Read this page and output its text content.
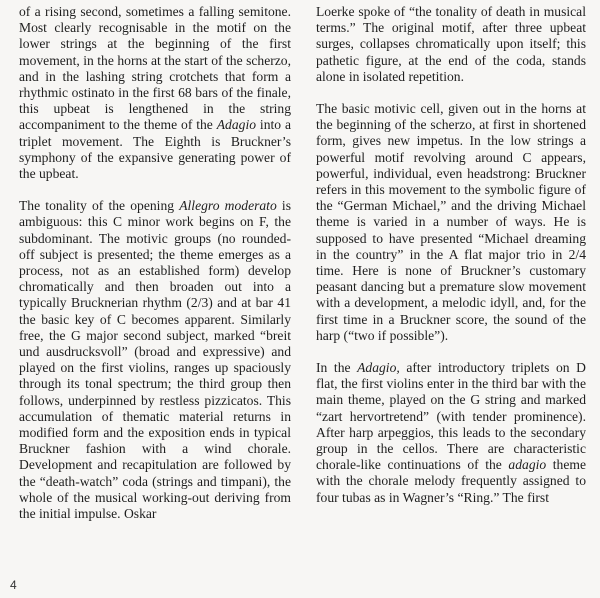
of a rising second, sometimes a falling semitone. Most clearly recognisable in the motif on the lower strings at the beginning of the first movement, in the horns at the start of the scherzo, and in the lashing string crotchets that form a rhythmic ostinato in the first 68 bars of the finale, this upbeat is lengthened in the string accompaniment to the theme of the Adagio into a triplet movement. The Eighth is Bruckner’s symphony of the expansive generating power of the upbeat.

The tonality of the opening Allegro moderato is ambiguous: this C minor work begins on F, the subdominant. The motivic groups (no rounded-off subject is presented; the theme emerges as a process, not as an established form) develop chromatically and then broaden out into a typically Brucknerian rhythm (2/3) and at bar 41 the basic key of C becomes apparent. Similarly free, the G major second subject, marked “breit und ausdrucksvoll” (broad and expressive) and played on the first violins, ranges up spaciously through its tonal spectrum; the third group then follows, underpinned by restless pizzicatos. This accumulation of thematic material returns in modified form and the exposition ends in typical Bruckner fashion with a wind chorale. Development and recapitulation are followed by the “death-watch” coda (strings and timpani), the whole of the musical working-out deriving from the initial impulse. Oskar

Loerke spoke of “the tonality of death in musical terms.” The original motif, after three upbeat surges, collapses chromatically upon itself; this pathetic figure, at the end of the coda, stands alone in isolated repetition.

The basic motivic cell, given out in the horns at the beginning of the scherzo, at first in shortened form, gives new impetus. In the low strings a powerful motif revolving around C appears, powerful, individual, even headstrong: Bruckner refers in this movement to the symbolic figure of the “German Michael,” and the driving Michael theme is varied in a number of ways. He is supposed to have presented “Michael dreaming in the country” in the A flat major trio in 2/4 time. Here is none of Bruckner’s customary peasant dancing but a premature slow movement with a development, a melodic idyll, and, for the first time in a Bruckner score, the sound of the harp (“two if possible”).

In the Adagio, after introductory triplets on D flat, the first violins enter in the third bar with the main theme, played on the G string and marked “zart hervortretend” (with tender prominence). After harp arpeggios, this leads to the secondary group in the cellos. There are characteristic chorale-like continuations of the adagio theme with the chorale melody frequently assigned to four tubas as in Wagner’s “Ring.” The first

4
